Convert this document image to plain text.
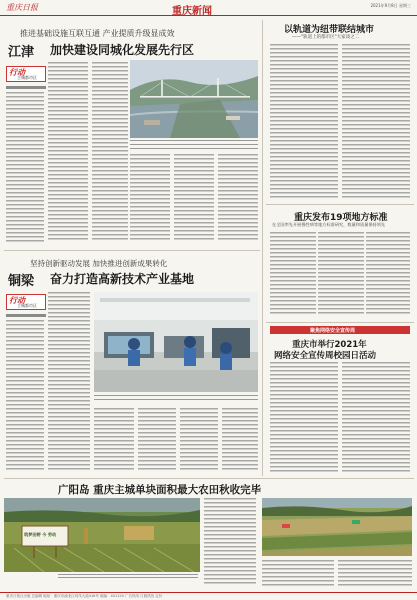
重庆日报	重庆新闻
2021年9月8日 星期三
推进基础设施互联互通 产业提质升级显成效
江津 加快建设同城化发展先行区
行动
主城都市区
坚持创新驱动发展 加快推进创新成果转化
铜梁 奋力打造高新技术产业基地
行动
主城都市区
以轨道为纽带联结城市
——"轨道上的都市区"大家谈之二
重庆发布19项地方标准
在全国率先开展慢性病等地方标准研究，数量和质量保持领先
聚焦网络安全宣传周
重庆市举行2021年
网络安全宣传周校园日活动
广阳岛 重庆主城单块面积最大农田秋收完毕
筑梦田野 今 劳动
重庆日报社出版 总编辑 地址：重庆市渝北区同茂大道416号 邮编：401120 广告热线 订阅热线 定价
